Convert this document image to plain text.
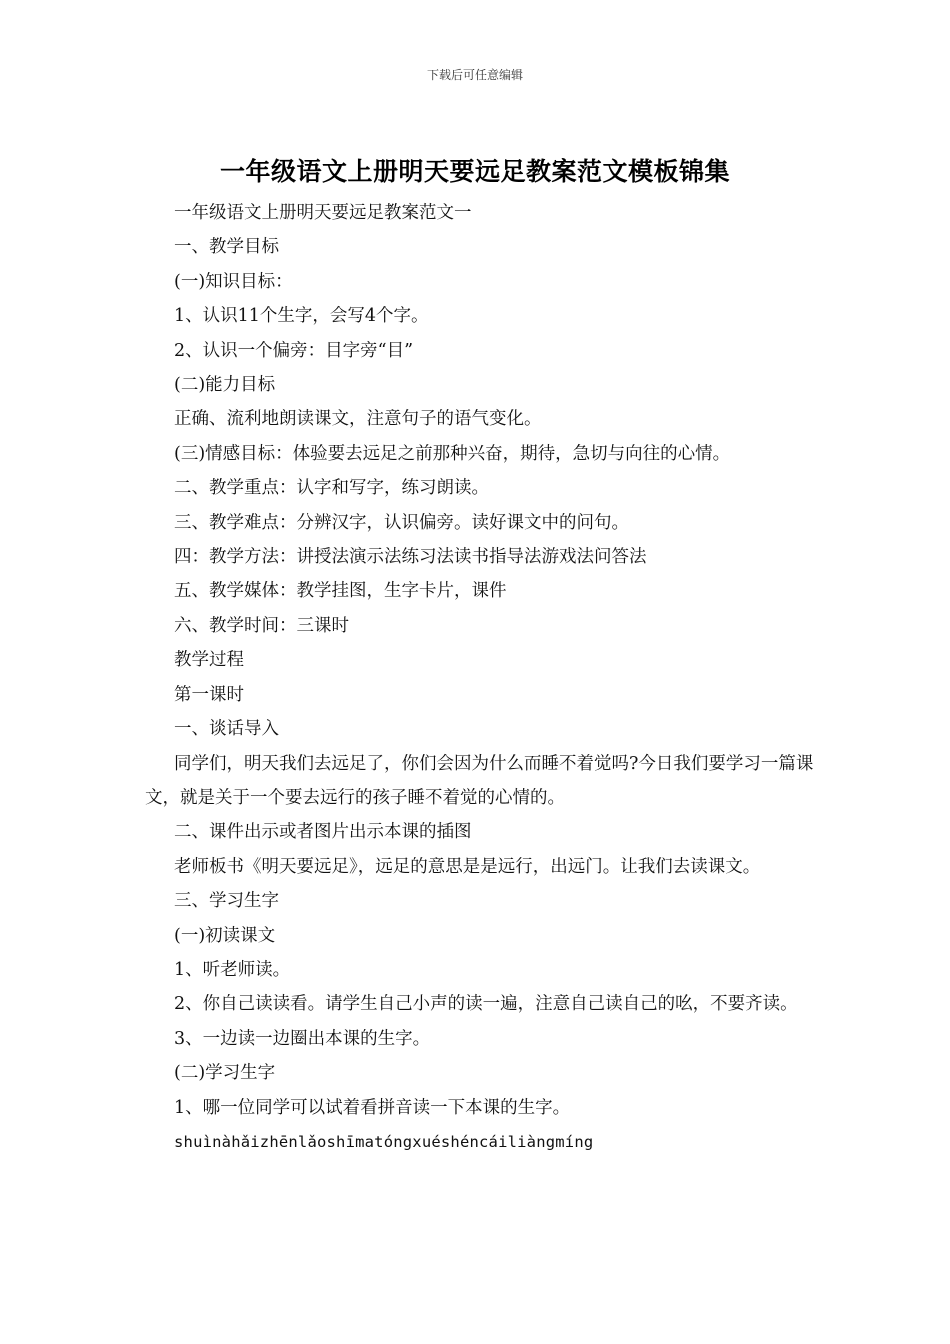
下载后可任意编辑
一年级语文上册明天要远足教案范文模板锦集

一年级语文上册明天要远足教案范文一

一、教学目标

(一)知识目标：

1、认识11个生字，会写4个字。

2、认识一个偏旁：目字旁“目”

(二)能力目标

正确、流利地朗读课文，注意句子的语气变化。

(三)情感目标：体验要去远足之前那种兴奋，期待，急切与向往的心情。

二、教学重点：认字和写字，练习朗读。

三、教学难点：分辨汉字，认识偏旁。读好课文中的问句。

四：教学方法：讲授法演示法练习法读书指导法游戏法问答法

五、教学媒体：教学挂图，生字卡片，课件

六、教学时间：三课时

教学过程

第一课时

一、谈话导入

同学们，明天我们去远足了，你们会因为什么而睡不着觉吗?今日我们要学习一篇课文，就是关于一个要去远行的孩子睡不着觉的心情的。

二、课件出示或者图片出示本课的插图

老师板书《明天要远足》，远足的意思是是远行，出远门。让我们去读课文。

三、学习生字

(一)初读课文

1、听老师读。

2、你自己读读看。请学生自己小声的读一遍，注意自己读自己的吆，不要齐读。

3、一边读一边圈出本课的生字。

(二)学习生字

1、哪一位同学可以试着看拼音读一下本课的生字。

shuìnàhǎizhēnlǎoshīmatóngxuéshéncáiliàngmíng
